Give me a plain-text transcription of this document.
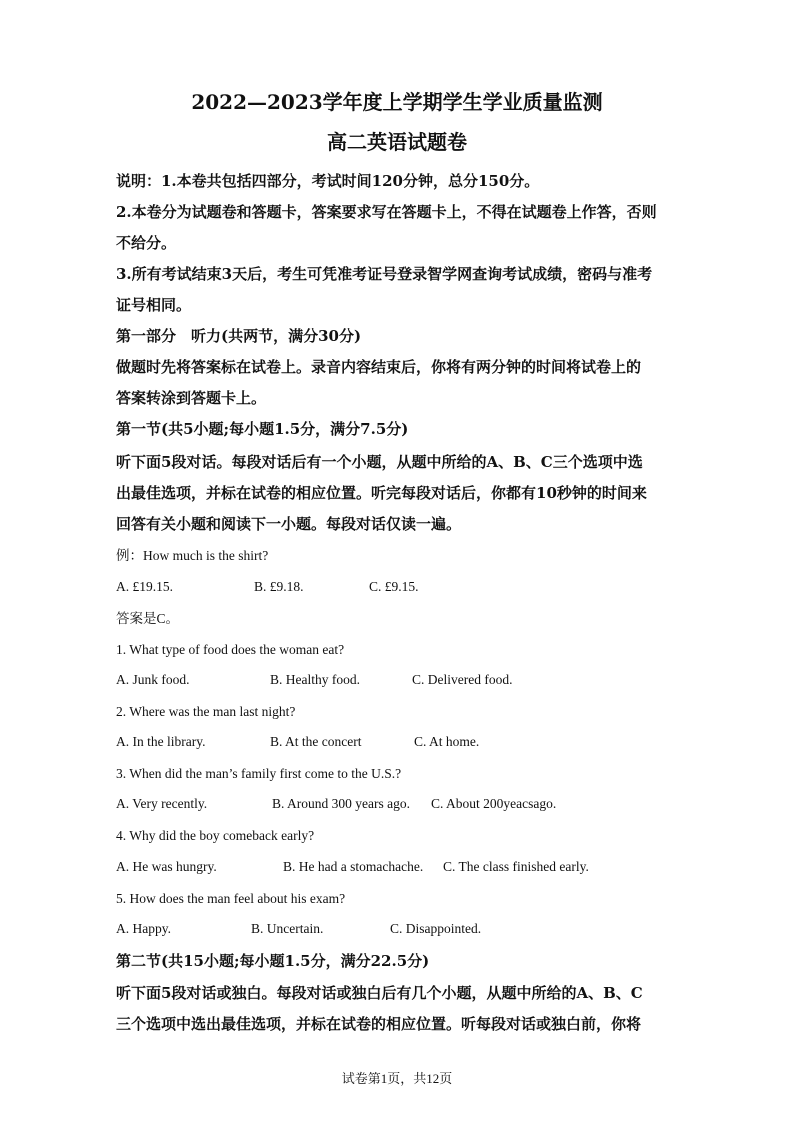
2022—2023学年度上学期学生学业质量监测
高二英语试题卷
说明：1.本卷共包括四部分，考试时间120分钟，总分150分。
2.本卷分为试题卷和答题卡，答案要求写在答题卡上，不得在试题卷上作答，否则
不给分。
3.所有考试结束3天后，考生可凭准考证号登录智学网查询考试成绩，密码与准考
证号相同。
第一部分　听力(共两节，满分30分)
做题时先将答案标在试卷上。录音内容结束后，你将有两分钟的时间将试卷上的
答案转涂到答题卡上。
第一节(共5小题;每小题1.5分，满分7.5分)
听下面5段对话。每段对话后有一个小题，从题中所给的A、B、C三个选项中选
出最佳选项，并标在试卷的相应位置。听完每段对话后，你都有10秒钟的时间来
回答有关小题和阅读下一小题。每段对话仅读一遍。
例：How much is the shirt?
A. £19.15.	B. £9.18.	C. £9.15.
答案是C。
1. What type of food does the woman eat?
A. Junk food.	B. Healthy food.	C. Delivered food.
2. Where was the man last night?
A. In the library.	B. At the concert	C. At home.
3. When did the man’s family first come to the U.S.?
A. Very recently.	B. Around 300 years ago. C. About 200yeacsago.
4. Why did the boy comeback early?
A. He was hungry.	B. He had a stomachache. C. The class finished early.
5. How does the man feel about his exam?
A. Happy.	B. Uncertain.	C. Disappointed.
第二节(共15小题;每小题1.5分，满分22.5分)
听下面5段对话或独白。每段对话或独白后有几个小题，从题中所给的A、B、C
三个选项中选出最佳选项，并标在试卷的相应位置。听每段对话或独白前，你将
试卷第1页，共12页
